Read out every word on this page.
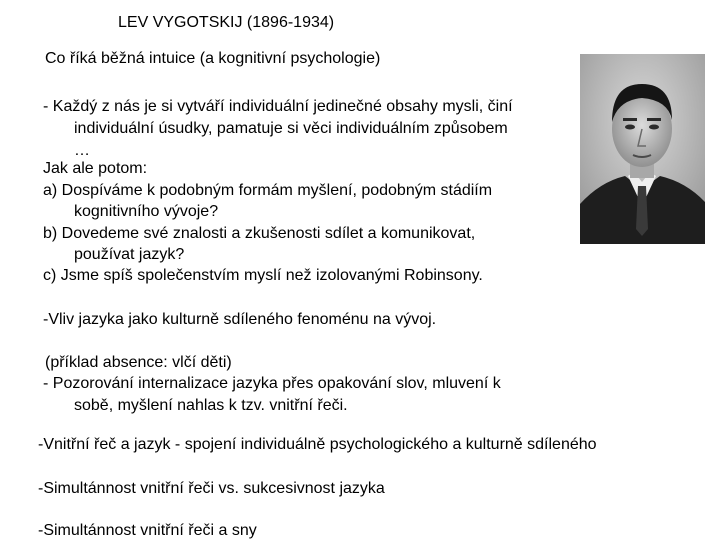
LEV VYGOTSKIJ (1896-1934)
Co říká běžná intuice (a kognitivní psychologie)
- Každý z nás je si vytváří individuální jedinečné obsahy mysli, činí
individuální úsudky, pamatuje si věci individuálním způsobem
…
Jak ale potom:
a) Dospíváme k podobným formám myšlení, podobným stádiím
kognitivního vývoje?
b) Dovedeme své znalosti a zkušenosti sdílet a komunikovat,
používat jazyk?
c) Jsme spíš společenstvím myslí než izolovanými Robinsony.
-Vliv jazyka jako kulturně sdíleného fenoménu na vývoj.
(příklad absence: vlčí děti)
- Pozorování internalizace jazyka přes opakování slov, mluvení k
sobě, myšlení nahlas k tzv. vnitřní řeči.
-Vnitřní řeč a jazyk - spojení individuálně psychologického a kulturně sdíleného
-Simultánnost vnitřní řeči vs. sukcesivnost jazyka
-Simultánnost vnitřní řeči a sny
